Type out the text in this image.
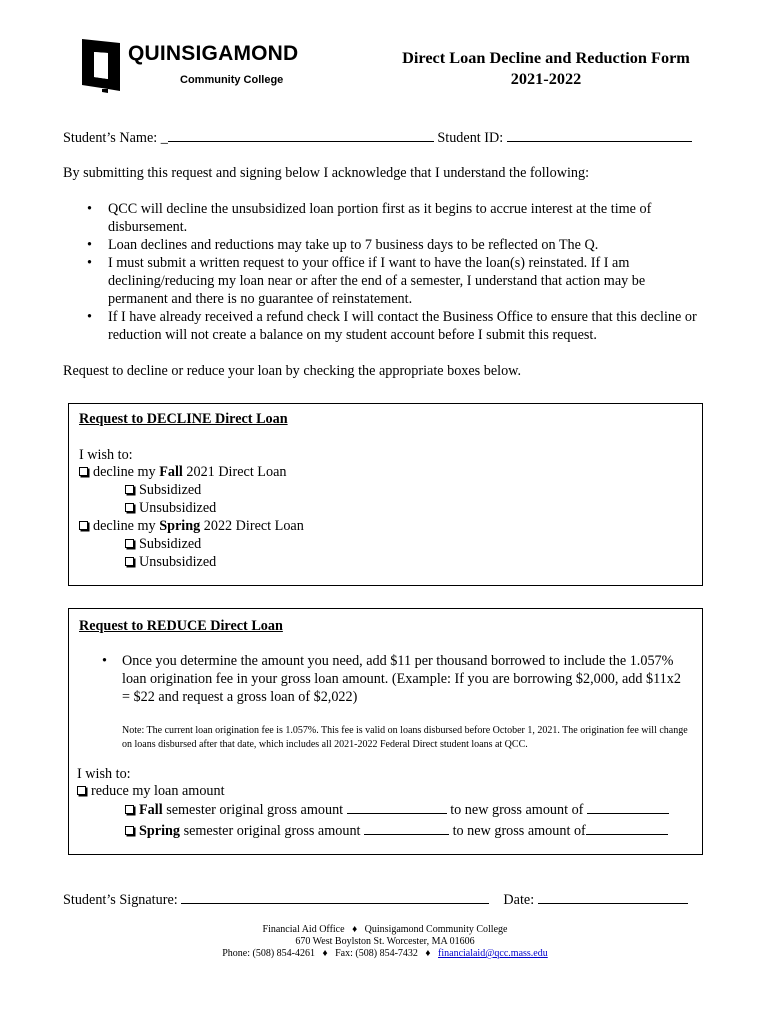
QUINSIGAMOND
Community College
Direct Loan Decline and Reduction Form
2021-2022
Student’s Name: _	Student ID:
By submitting this request and signing below I acknowledge that I understand the following:
• QCC will decline the unsubsidized loan portion first as it begins to accrue interest at the time of disbursement.
• Loan declines and reductions may take up to 7 business days to be reflected on The Q.
• I must submit a written request to your office if I want to have the loan(s) reinstated. If I am declining/reducing my loan near or after the end of a semester, I understand that action may be permanent and there is no guarantee of reinstatement.
• If I have already received a refund check I will contact the Business Office to ensure that this decline or reduction will not create a balance on my student account before I submit this request.
Request to decline or reduce your loan by checking the appropriate boxes below.
Request to DECLINE Direct Loan
I wish to:
decline my Fall 2021 Direct Loan
Subsidized
Unsubsidized
decline my Spring 2022 Direct Loan
Subsidized
Unsubsidized
Request to REDUCE Direct Loan
• Once you determine the amount you need, add $11 per thousand borrowed to include the 1.057% loan origination fee in your gross loan amount. (Example: If you are borrowing $2,000, add $11x2 = $22 and request a gross loan of $2,022)
Note: The current loan origination fee is 1.057%. This fee is valid on loans disbursed before October 1, 2021. The origination fee will change on loans disbursed after that date, which includes all 2021-2022 Federal Direct student loans at QCC.
I wish to:
reduce my loan amount
Fall semester original gross amount	to new gross amount of
Spring semester original gross amount	to new gross amount of
Student’s Signature:	Date:
Financial Aid Office ♦ Quinsigamond Community College
670 West Boylston St. Worcester, MA 01606
Phone: (508) 854-4261 ♦ Fax: (508) 854-7432 ♦ financialaid@qcc.mass.edu
